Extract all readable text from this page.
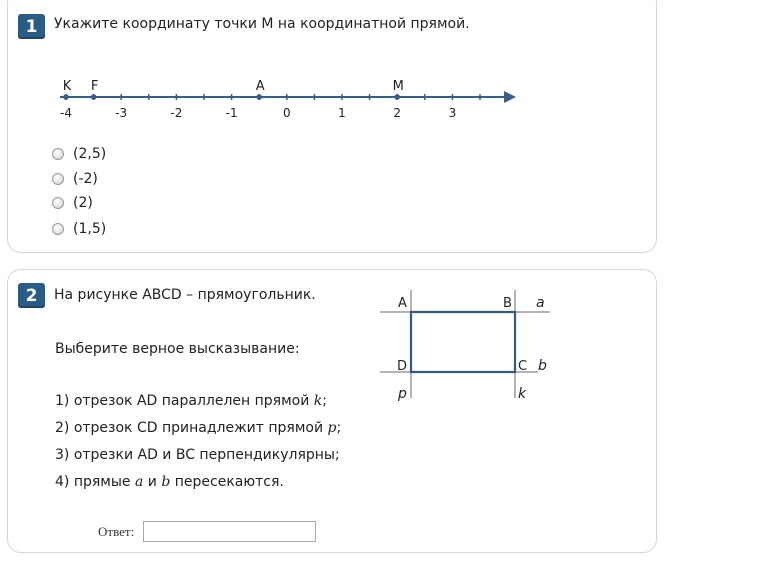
1	Укажите координату точки M на координатной прямой.
-4	-3	-2	-1	0	1	2	3
K F	A	M
(2,5)
(-2)
(2)
(1,5)
2	На рисунке ABCD – прямоугольник.
Выберите верное высказывание:
1) отрезок AD параллелен прямой k;
2) отрезок CD принадлежит прямой p;
3) отрезки AD и BC перпендикулярны;
4) прямые a и b пересекаются.
A	B
C
D
a
b
p	k
Ответ:
